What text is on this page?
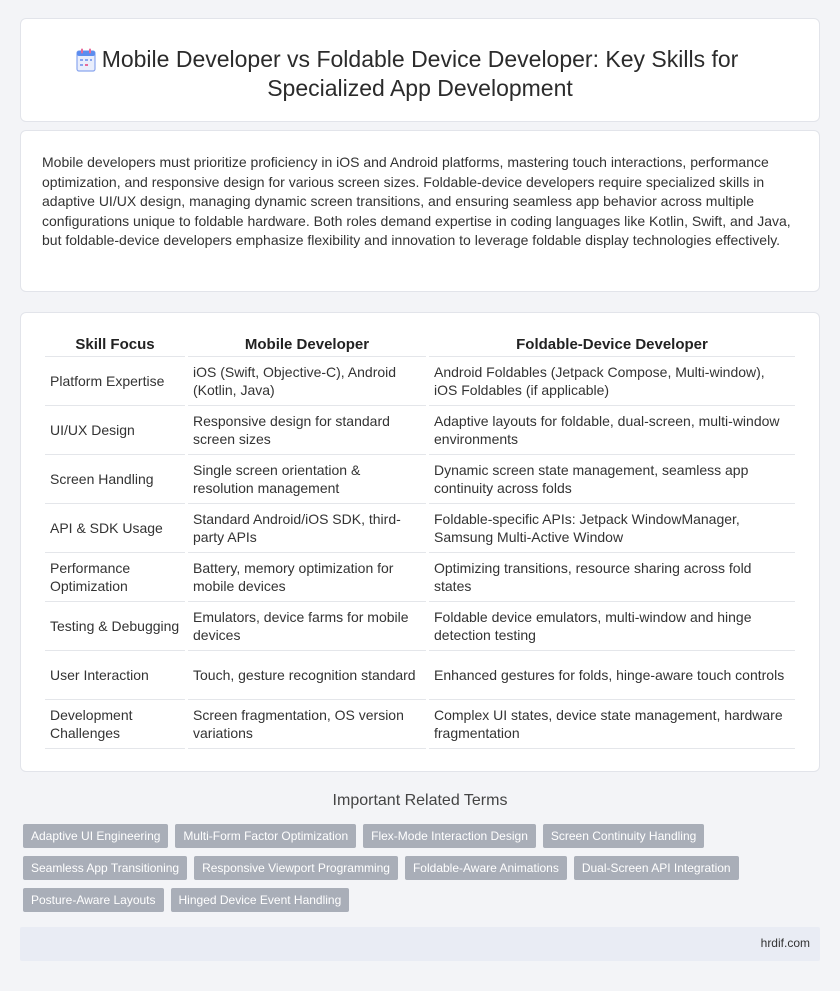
Mobile Developer vs Foldable Device Developer: Key Skills for
Specialized App Development
Mobile developers must prioritize proficiency in iOS and Android platforms, mastering touch interactions, performance optimization, and responsive design for various screen sizes. Foldable-device developers require specialized skills in adaptive UI/UX design, managing dynamic screen transitions, and ensuring seamless app behavior across multiple configurations unique to foldable hardware. Both roles demand expertise in coding languages like Kotlin, Swift, and Java, but foldable-device developers emphasize flexibility and innovation to leverage foldable display technologies effectively.
Skill Focus	Mobile Developer	Foldable-Device Developer
Platform Expertise	iOS (Swift, Objective-C), Android (Kotlin, Java)	Android Foldables (Jetpack Compose, Multi-window), iOS Foldables (if applicable)
UI/UX Design	Responsive design for standard screen sizes	Adaptive layouts for foldable, dual-screen, multi-window environments
Screen Handling	Single screen orientation & resolution management	Dynamic screen state management, seamless app continuity across folds
API & SDK Usage	Standard Android/iOS SDK, third-party APIs	Foldable-specific APIs: Jetpack WindowManager, Samsung Multi-Active Window
Performance Optimization	Battery, memory optimization for mobile devices	Optimizing transitions, resource sharing across fold states
Testing & Debugging	Emulators, device farms for mobile devices	Foldable device emulators, multi-window and hinge detection testing
User Interaction	Touch, gesture recognition standard	Enhanced gestures for folds, hinge-aware touch controls
Development Challenges	Screen fragmentation, OS version variations	Complex UI states, device state management, hardware fragmentation
Important Related Terms
Adaptive UI Engineering	Multi-Form Factor Optimization	Flex-Mode Interaction Design	Screen Continuity Handling
Seamless App Transitioning	Responsive Viewport Programming	Foldable-Aware Animations	Dual-Screen API Integration
Posture-Aware Layouts	Hinged Device Event Handling
hrdif.com
